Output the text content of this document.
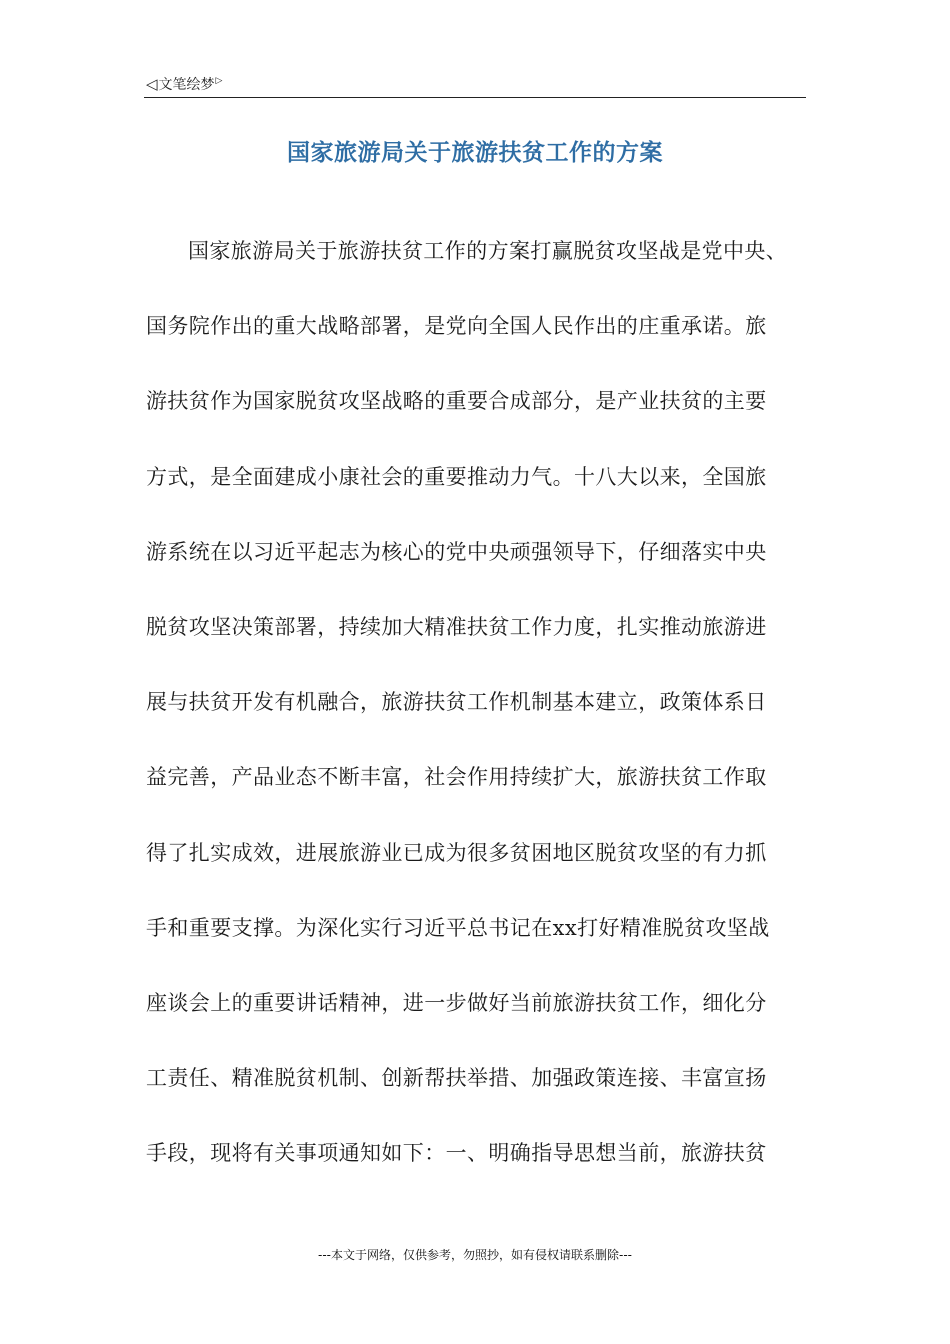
◁ 文笔绘梦 ▷
国家旅游局关于旅游扶贫工作的方案
国家旅游局关于旅游扶贫工作的方案打赢脱贫攻坚战是党中央、
国务院作出的重大战略部署，是党向全国人民作出的庄重承诺。旅
游扶贫作为国家脱贫攻坚战略的重要合成部分，是产业扶贫的主要
方式，是全面建成小康社会的重要推动力气。十八大以来，全国旅
游系统在以习近平起志为核心的党中央顽强领导下，仔细落实中央
脱贫攻坚决策部署，持续加大精准扶贫工作力度，扎实推动旅游进
展与扶贫开发有机融合，旅游扶贫工作机制基本建立，政策体系日
益完善，产品业态不断丰富，社会作用持续扩大，旅游扶贫工作取
得了扎实成效，进展旅游业已成为很多贫困地区脱贫攻坚的有力抓
手和重要支撑。为深化实行习近平总书记在xx打好精准脱贫攻坚战
座谈会上的重要讲话精神，进一步做好当前旅游扶贫工作，细化分
工责任、精准脱贫机制、创新帮扶举措、加强政策连接、丰富宣扬
手段，现将有关事项通知如下：一、明确指导思想当前，旅游扶贫
---本文于网络，仅供参考，勿照抄，如有侵权请联系删除---
